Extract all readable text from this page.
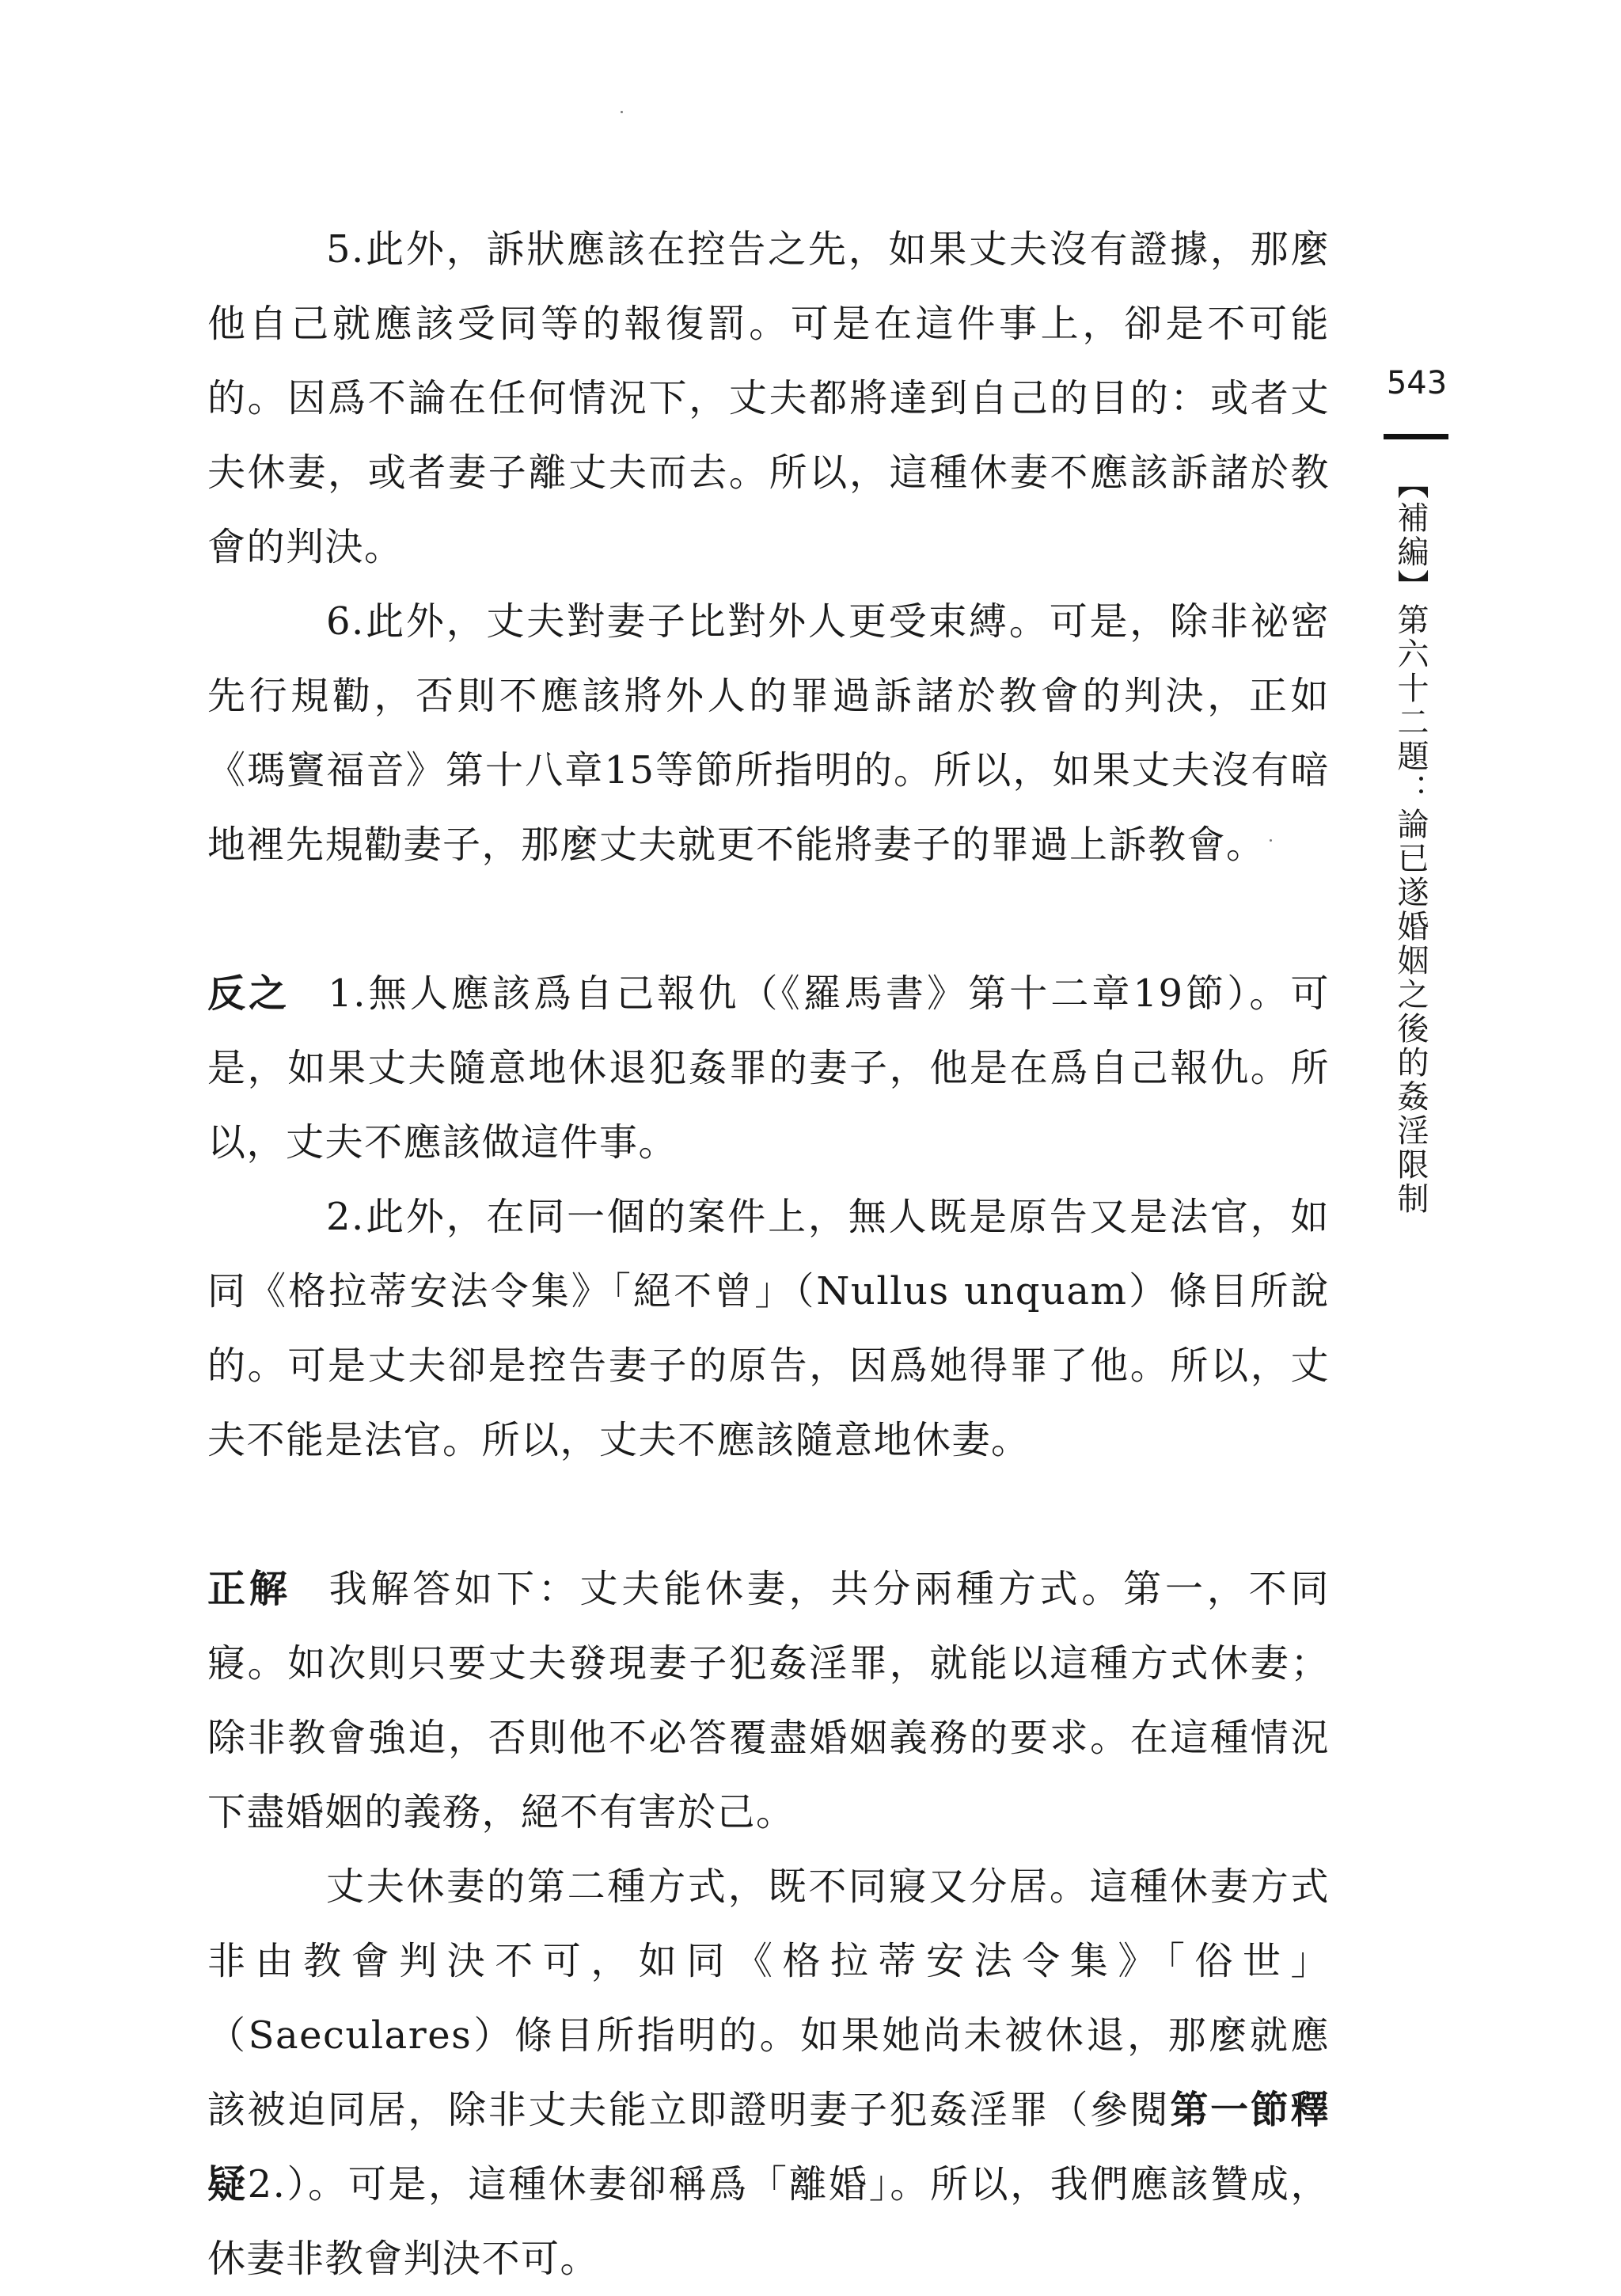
5.此外，訴狀應該在控告之先，如果丈夫沒有證據，那麼他自己就應該受同等的報復罰。可是在這件事上，卻是不可能的。因爲不論在任何情況下，丈夫都將達到自己的目的：或者丈夫休妻，或者妻子離丈夫而去。所以，這種休妻不應該訴諸於教會的判決。

6.此外，丈夫對妻子比對外人更受束縛。可是，除非祕密先行規勸，否則不應該將外人的罪過訴諸於教會的判決，正如《瑪竇福音》第十八章15等節所指明的。所以，如果丈夫沒有暗地裡先規勸妻子，那麼丈夫就更不能將妻子的罪過上訴教會。

反之 1.無人應該爲自己報仇（《羅馬書》第十二章19節）。可是，如果丈夫隨意地休退犯姦罪的妻子，他是在爲自己報仇。所以，丈夫不應該做這件事。

2.此外，在同一個的案件上，無人既是原告又是法官，如同《格拉蒂安法令集》「絕不曾」（Nullus unquam）條目所說的。可是丈夫卻是控告妻子的原告，因爲她得罪了他。所以，丈夫不能是法官。所以，丈夫不應該隨意地休妻。

正解 我解答如下：丈夫能休妻，共分兩種方式。第一，不同寢。如次則只要丈夫發現妻子犯姦淫罪，就能以這種方式休妻；除非教會強迫，否則他不必答覆盡婚姻義務的要求。在這種情況下盡婚姻的義務，絕不有害於己。

丈夫休妻的第二種方式，既不同寢又分居。這種休妻方式非由教會判決不可，如同《格拉蒂安法令集》「俗世」（Saeculares）條目所指明的。如果她尚未被休退，那麼就應該被迫同居，除非丈夫能立即證明妻子犯姦淫罪（參閱第一節釋疑2.）。可是，這種休妻卻稱爲「離婚」。所以，我們應該贊成，休妻非教會判決不可。

543
【補編】第六十二題：論已遂婚姻之後的姦淫限制
